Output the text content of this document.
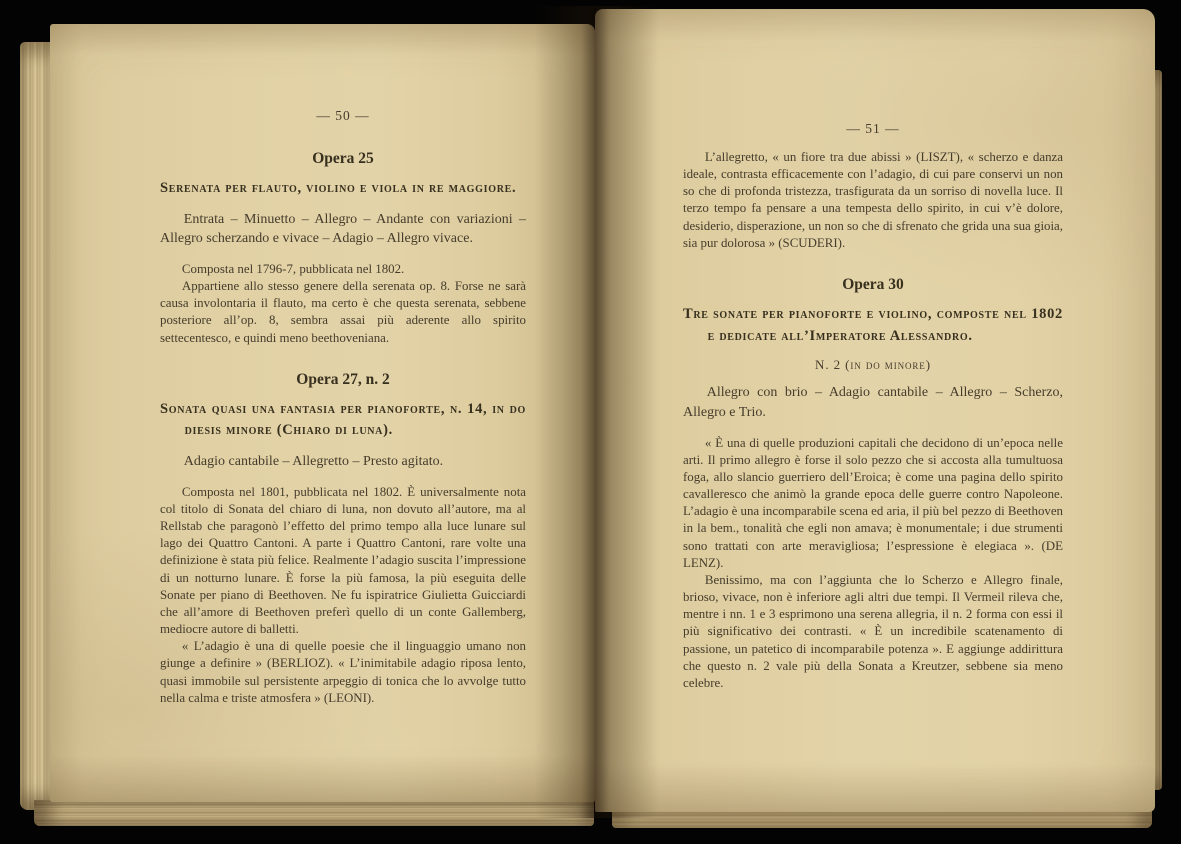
— 50 —
Opera 25

Serenata per flauto, violino e viola in re maggiore.

Entrata – Minuetto – Allegro – Andante con variazioni – Allegro scherzando e vivace – Adagio – Allegro vivace.

Composta nel 1796-7, pubblicata nel 1802.

Appartiene allo stesso genere della serenata op. 8. Forse ne sarà causa involontaria il flauto, ma certo è che questa serenata, sebbene posteriore all’op. 8, sembra assai più aderente allo spirito settecentesco, e quindi meno beethoveniana.

Opera 27, n. 2

Sonata quasi una fantasia per pianoforte, n. 14, in do diesis minore (Chiaro di luna).

Adagio cantabile – Allegretto – Presto agitato.

Composta nel 1801, pubblicata nel 1802. È universalmente nota col titolo di Sonata del chiaro di luna, non dovuto all’autore, ma al Rellstab che paragonò l’effetto del primo tempo alla luce lunare sul lago dei Quattro Cantoni. A parte i Quattro Cantoni, rare volte una definizione è stata più felice. Realmente l’adagio suscita l’impressione di un notturno lunare. È forse la più famosa, la più eseguita delle Sonate per piano di Beethoven. Ne fu ispiratrice Giulietta Guicciardi che all’amore di Beethoven preferì quello di un conte Gallemberg, mediocre autore di balletti.

« L’adagio è una di quelle poesie che il linguaggio umano non giunge a definire » (BERLIOZ). « L’inimitabile adagio riposa lento, quasi immobile sul persistente arpeggio di tonica che lo avvolge tutto nella calma e triste atmosfera » (LEONI).

— 51 —

L’allegretto, « un fiore tra due abissi » (LISZT), « scherzo e danza ideale, contrasta efficacemente con l’adagio, di cui pare conservi un non so che di profonda tristezza, trasfigurata da un sorriso di novella luce. Il terzo tempo fa pensare a una tempesta dello spirito, in cui v’è dolore, desiderio, disperazione, un non so che di sfrenato che grida una sua gioia, sia pur dolorosa » (SCUDERI).

Opera 30

Tre sonate per pianoforte e violino, composte nel 1802 e dedicate all’Imperatore Alessandro.

N. 2 (in do minore)

Allegro con brio – Adagio cantabile – Allegro – Scherzo, Allegro e Trio.

« È una di quelle produzioni capitali che decidono di un’epoca nelle arti. Il primo allegro è forse il solo pezzo che si accosta alla tumultuosa foga, allo slancio guerriero dell’Eroica; è come una pagina dello spirito cavalleresco che animò la grande epoca delle guerre contro Napoleone. L’adagio è una incomparabile scena ed aria, il più bel pezzo di Beethoven in la bem., tonalità che egli non amava; è monumentale; i due strumenti sono trattati con arte meravigliosa; l’espressione è elegiaca ». (DE LENZ).

Benissimo, ma con l’aggiunta che lo Scherzo e Allegro finale, brioso, vivace, non è inferiore agli altri due tempi. Il Vermeil rileva che, mentre i nn. 1 e 3 esprimono una serena allegria, il n. 2 forma con essi il più significativo dei contrasti. « È un incredibile scatenamento di passione, un patetico di incomparabile potenza ». E aggiunge addirittura che questo n. 2 vale più della Sonata a Kreutzer, sebbene sia meno celebre.
